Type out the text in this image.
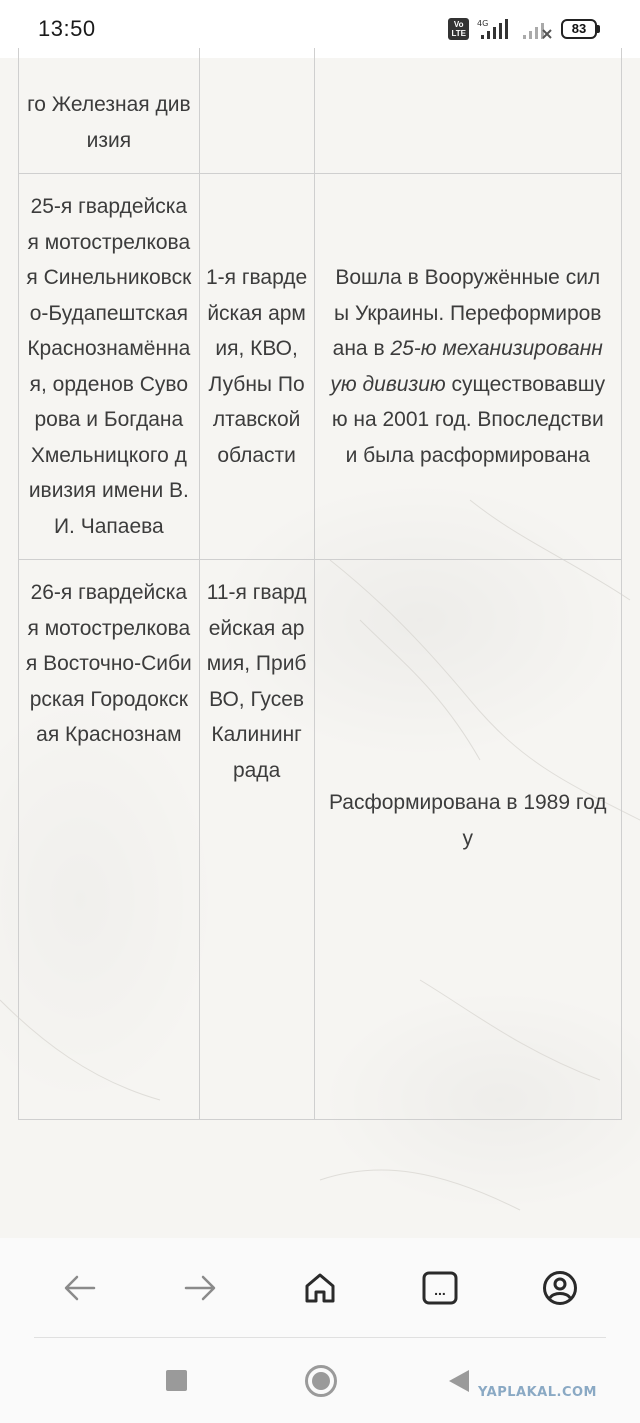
13:50	Vo
LTE
4G	83
го Железная дивизия		
25-я гвардейская мотострелковая Синельниковско-Будапештская Краснознамённая, орденов Суворова и Богдана Хмельницкого дивизия имени В. И. Чапаева	1-я гвардейская армия, КВО, Лубны Полтавской области	Вошла в Вооружённые силы Украины. Переформирована в 25-ю механизированную дивизию существовавшую на 2001 год. Впоследствии была расформирована
26-я гвардейская мотострелковая Восточно-Сибирская Городокская Краснознам	11-я гвардейская армия, ПрибВО, Гусев Калининграда	Расформирована в 1989 году
...
YAPLAKAL.COM
